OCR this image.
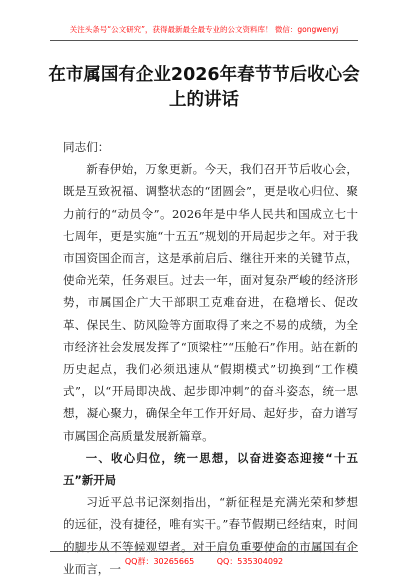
关注头条号“公文研究”，获得最新最全最专业的公文资料库！ 微信：gongwenyj
在市属国有企业2026年春节节后收心会上的讲话

同志们：

新春伊始，万象更新。今天，我们召开节后收心会，既是互致祝福、调整状态的“团圆会”，更是收心归位、聚力前行的“动员令”。2026年是中华人民共和国成立七十七周年，更是实施“十五五”规划的开局起步之年。对于我市国资国企而言，这是承前启后、继往开来的关键节点，使命光荣，任务艰巨。过去一年，面对复杂严峻的经济形势，市属国企广大干部职工克难奋进，在稳增长、促改革、保民生、防风险等方面取得了来之不易的成绩，为全市经济社会发展发挥了“顶梁柱”“压舱石”作用。站在新的历史起点，我们必须迅速从“假期模式”切换到“工作模式”，以“开局即决战、起步即冲刺”的奋斗姿态，统一思想，凝心聚力，确保全年工作开好局、起好步，奋力谱写市属国企高质量发展新篇章。

一、收心归位，统一思想，以奋进姿态迎接“十五五”新开局

习近平总书记深刻指出，“新征程是充满光荣和梦想的远征，没有捷径，唯有实干。”春节假期已经结束，时间的脚步从不等候观望者。对于肩负重要使命的市属国有企业而言，一

QQ群：30265665	QQ：535304092
